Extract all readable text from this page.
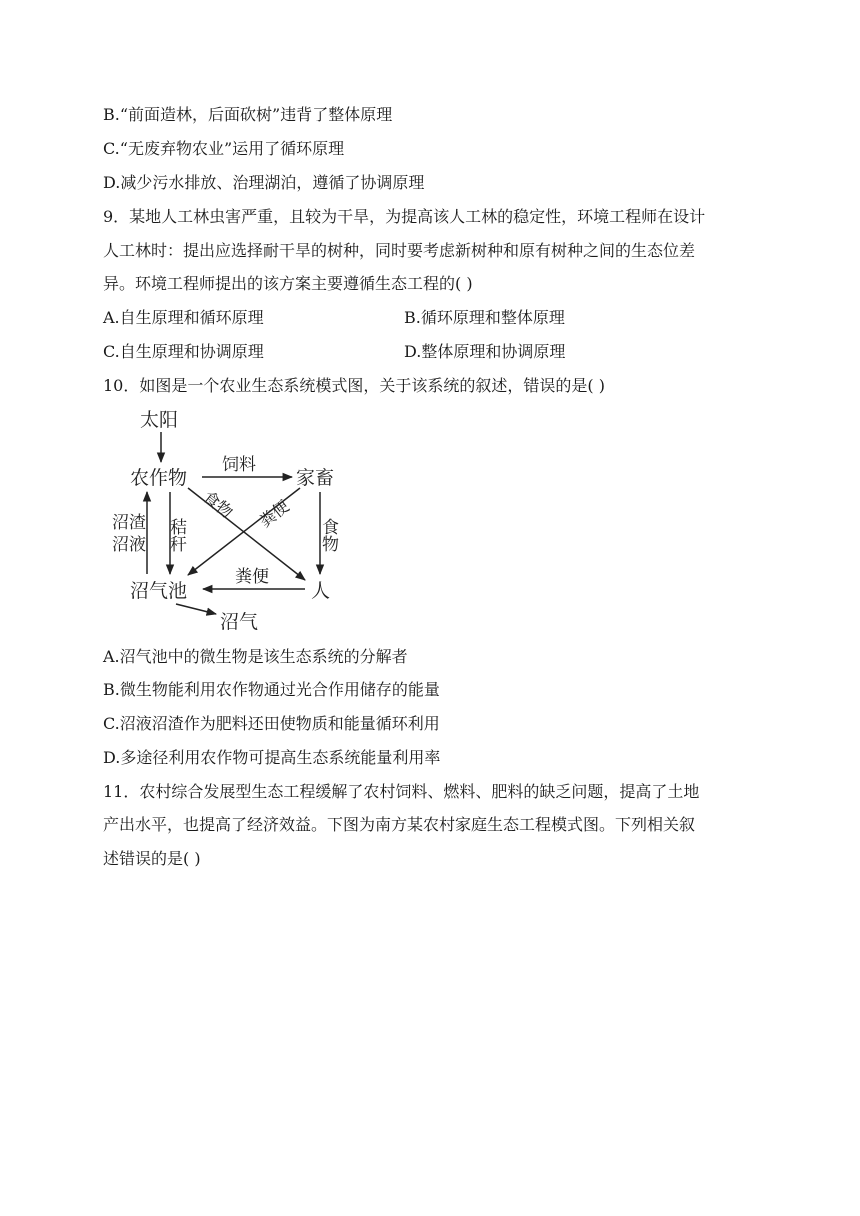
B.“前面造林，后面砍树”违背了整体原理
C.“无废弃物农业”运用了循环原理
D.减少污水排放、治理湖泊，遵循了协调原理
9．某地人工林虫害严重，且较为干旱，为提高该人工林的稳定性，环境工程师在设计
人工林时：提出应选择耐干旱的树种，同时要考虑新树种和原有树种之间的生态位差
异。环境工程师提出的该方案主要遵循生态工程的( )
A.自生原理和循环原理	B.循环原理和整体原理
C.自生原理和协调原理	D.整体原理和协调原理
10．如图是一个农业生态系统模式图，关于该系统的叙述，错误的是( )
太阳
农作物	家畜
沼气池	人
沼气
饲料
食物 粪便
食物
粪便
沼渣
沼液 秸秆
A.沼气池中的微生物是该生态系统的分解者
B.微生物能利用农作物通过光合作用储存的能量
C.沼液沼渣作为肥料还田使物质和能量循环利用
D.多途径利用农作物可提高生态系统能量利用率
11．农村综合发展型生态工程缓解了农村饲料、燃料、肥料的缺乏问题，提高了土地
产出水平，也提高了经济效益。下图为南方某农村家庭生态工程模式图。下列相关叙
述错误的是( )
